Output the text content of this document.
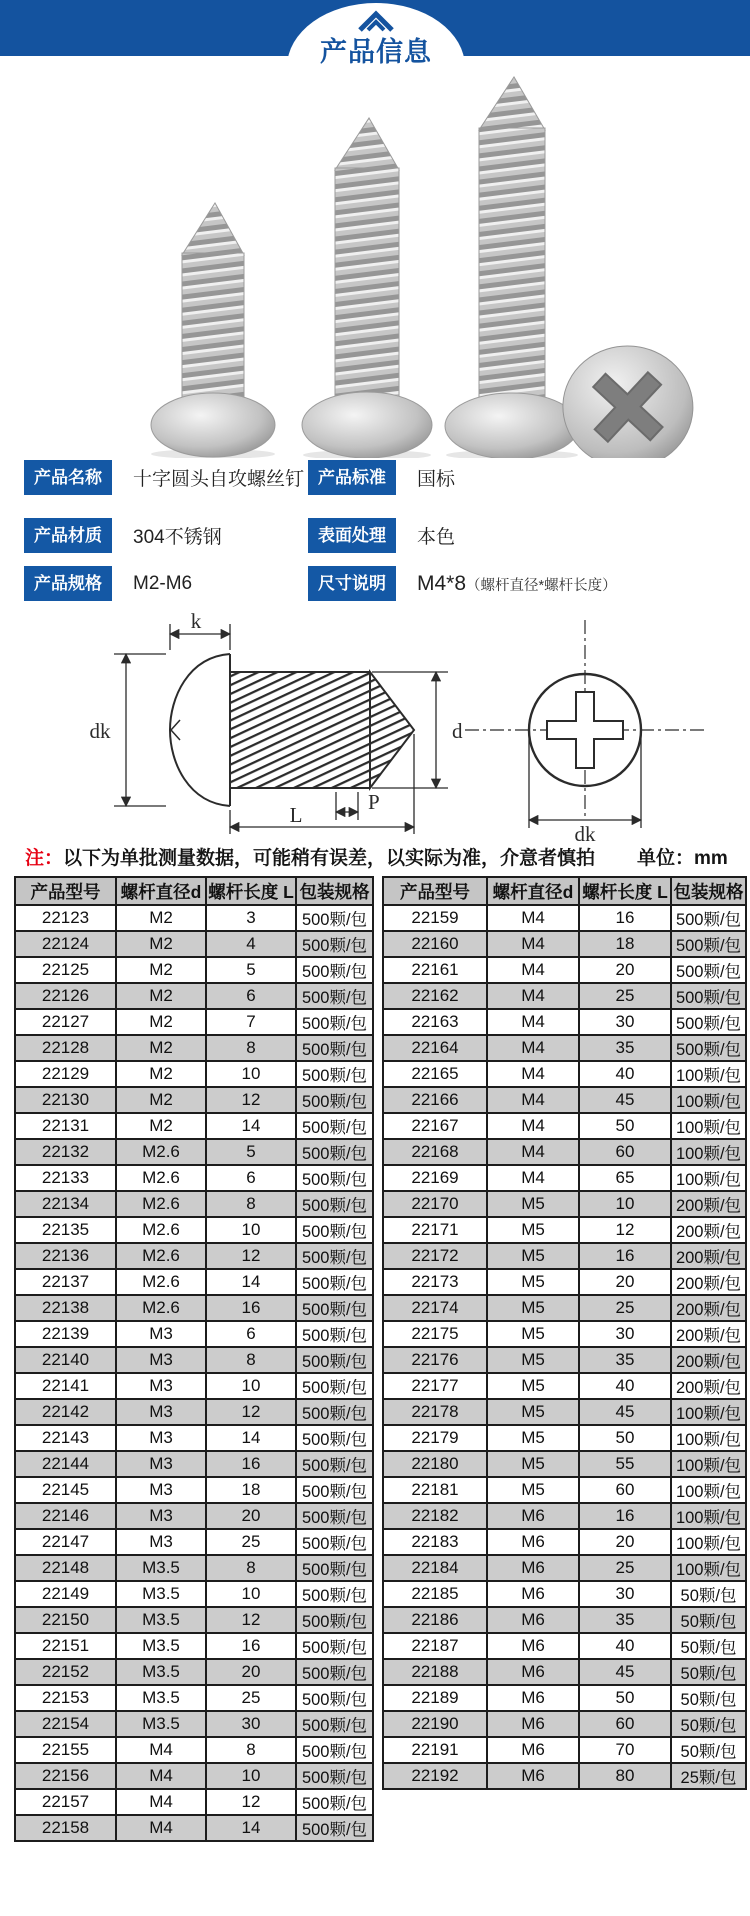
产品信息
产品名称	十字圆头自攻螺丝钉 产品标准	国标
产品材质	304不锈钢	表面处理	本色
产品规格	M2-M6	尺寸说明	M4*8（螺杆直径*螺杆长度）
k
dk	d
P
L
dk
注：以下为单批测量数据，可能稍有误差，以实际为准，介意者慎拍 单位：mm
产品型号	螺杆直径d	螺杆长度 L	包装规格
22123	M2	3	500颗/包
22124	M2	4	500颗/包
22125	M2	5	500颗/包
22126	M2	6	500颗/包
22127	M2	7	500颗/包
22128	M2	8	500颗/包
22129	M2	10	500颗/包
22130	M2	12	500颗/包
22131	M2	14	500颗/包
22132	M2.6	5	500颗/包
22133	M2.6	6	500颗/包
22134	M2.6	8	500颗/包
22135	M2.6	10	500颗/包
22136	M2.6	12	500颗/包
22137	M2.6	14	500颗/包
22138	M2.6	16	500颗/包
22139	M3	6	500颗/包
22140	M3	8	500颗/包
22141	M3	10	500颗/包
22142	M3	12	500颗/包
22143	M3	14	500颗/包
22144	M3	16	500颗/包
22145	M3	18	500颗/包
22146	M3	20	500颗/包
22147	M3	25	500颗/包
22148	M3.5	8	500颗/包
22149	M3.5	10	500颗/包
22150	M3.5	12	500颗/包
22151	M3.5	16	500颗/包
22152	M3.5	20	500颗/包
22153	M3.5	25	500颗/包
22154	M3.5	30	500颗/包
22155	M4	8	500颗/包
22156	M4	10	500颗/包
22157	M4	12	500颗/包
22158	M4	14	500颗/包
产品型号	螺杆直径d	螺杆长度 L	包装规格
22159	M4	16	500颗/包
22160	M4	18	500颗/包
22161	M4	20	500颗/包
22162	M4	25	500颗/包
22163	M4	30	500颗/包
22164	M4	35	500颗/包
22165	M4	40	100颗/包
22166	M4	45	100颗/包
22167	M4	50	100颗/包
22168	M4	60	100颗/包
22169	M4	65	100颗/包
22170	M5	10	200颗/包
22171	M5	12	200颗/包
22172	M5	16	200颗/包
22173	M5	20	200颗/包
22174	M5	25	200颗/包
22175	M5	30	200颗/包
22176	M5	35	200颗/包
22177	M5	40	200颗/包
22178	M5	45	100颗/包
22179	M5	50	100颗/包
22180	M5	55	100颗/包
22181	M5	60	100颗/包
22182	M6	16	100颗/包
22183	M6	20	100颗/包
22184	M6	25	100颗/包
22185	M6	30	50颗/包
22186	M6	35	50颗/包
22187	M6	40	50颗/包
22188	M6	45	50颗/包
22189	M6	50	50颗/包
22190	M6	60	50颗/包
22191	M6	70	50颗/包
22192	M6	80	25颗/包
